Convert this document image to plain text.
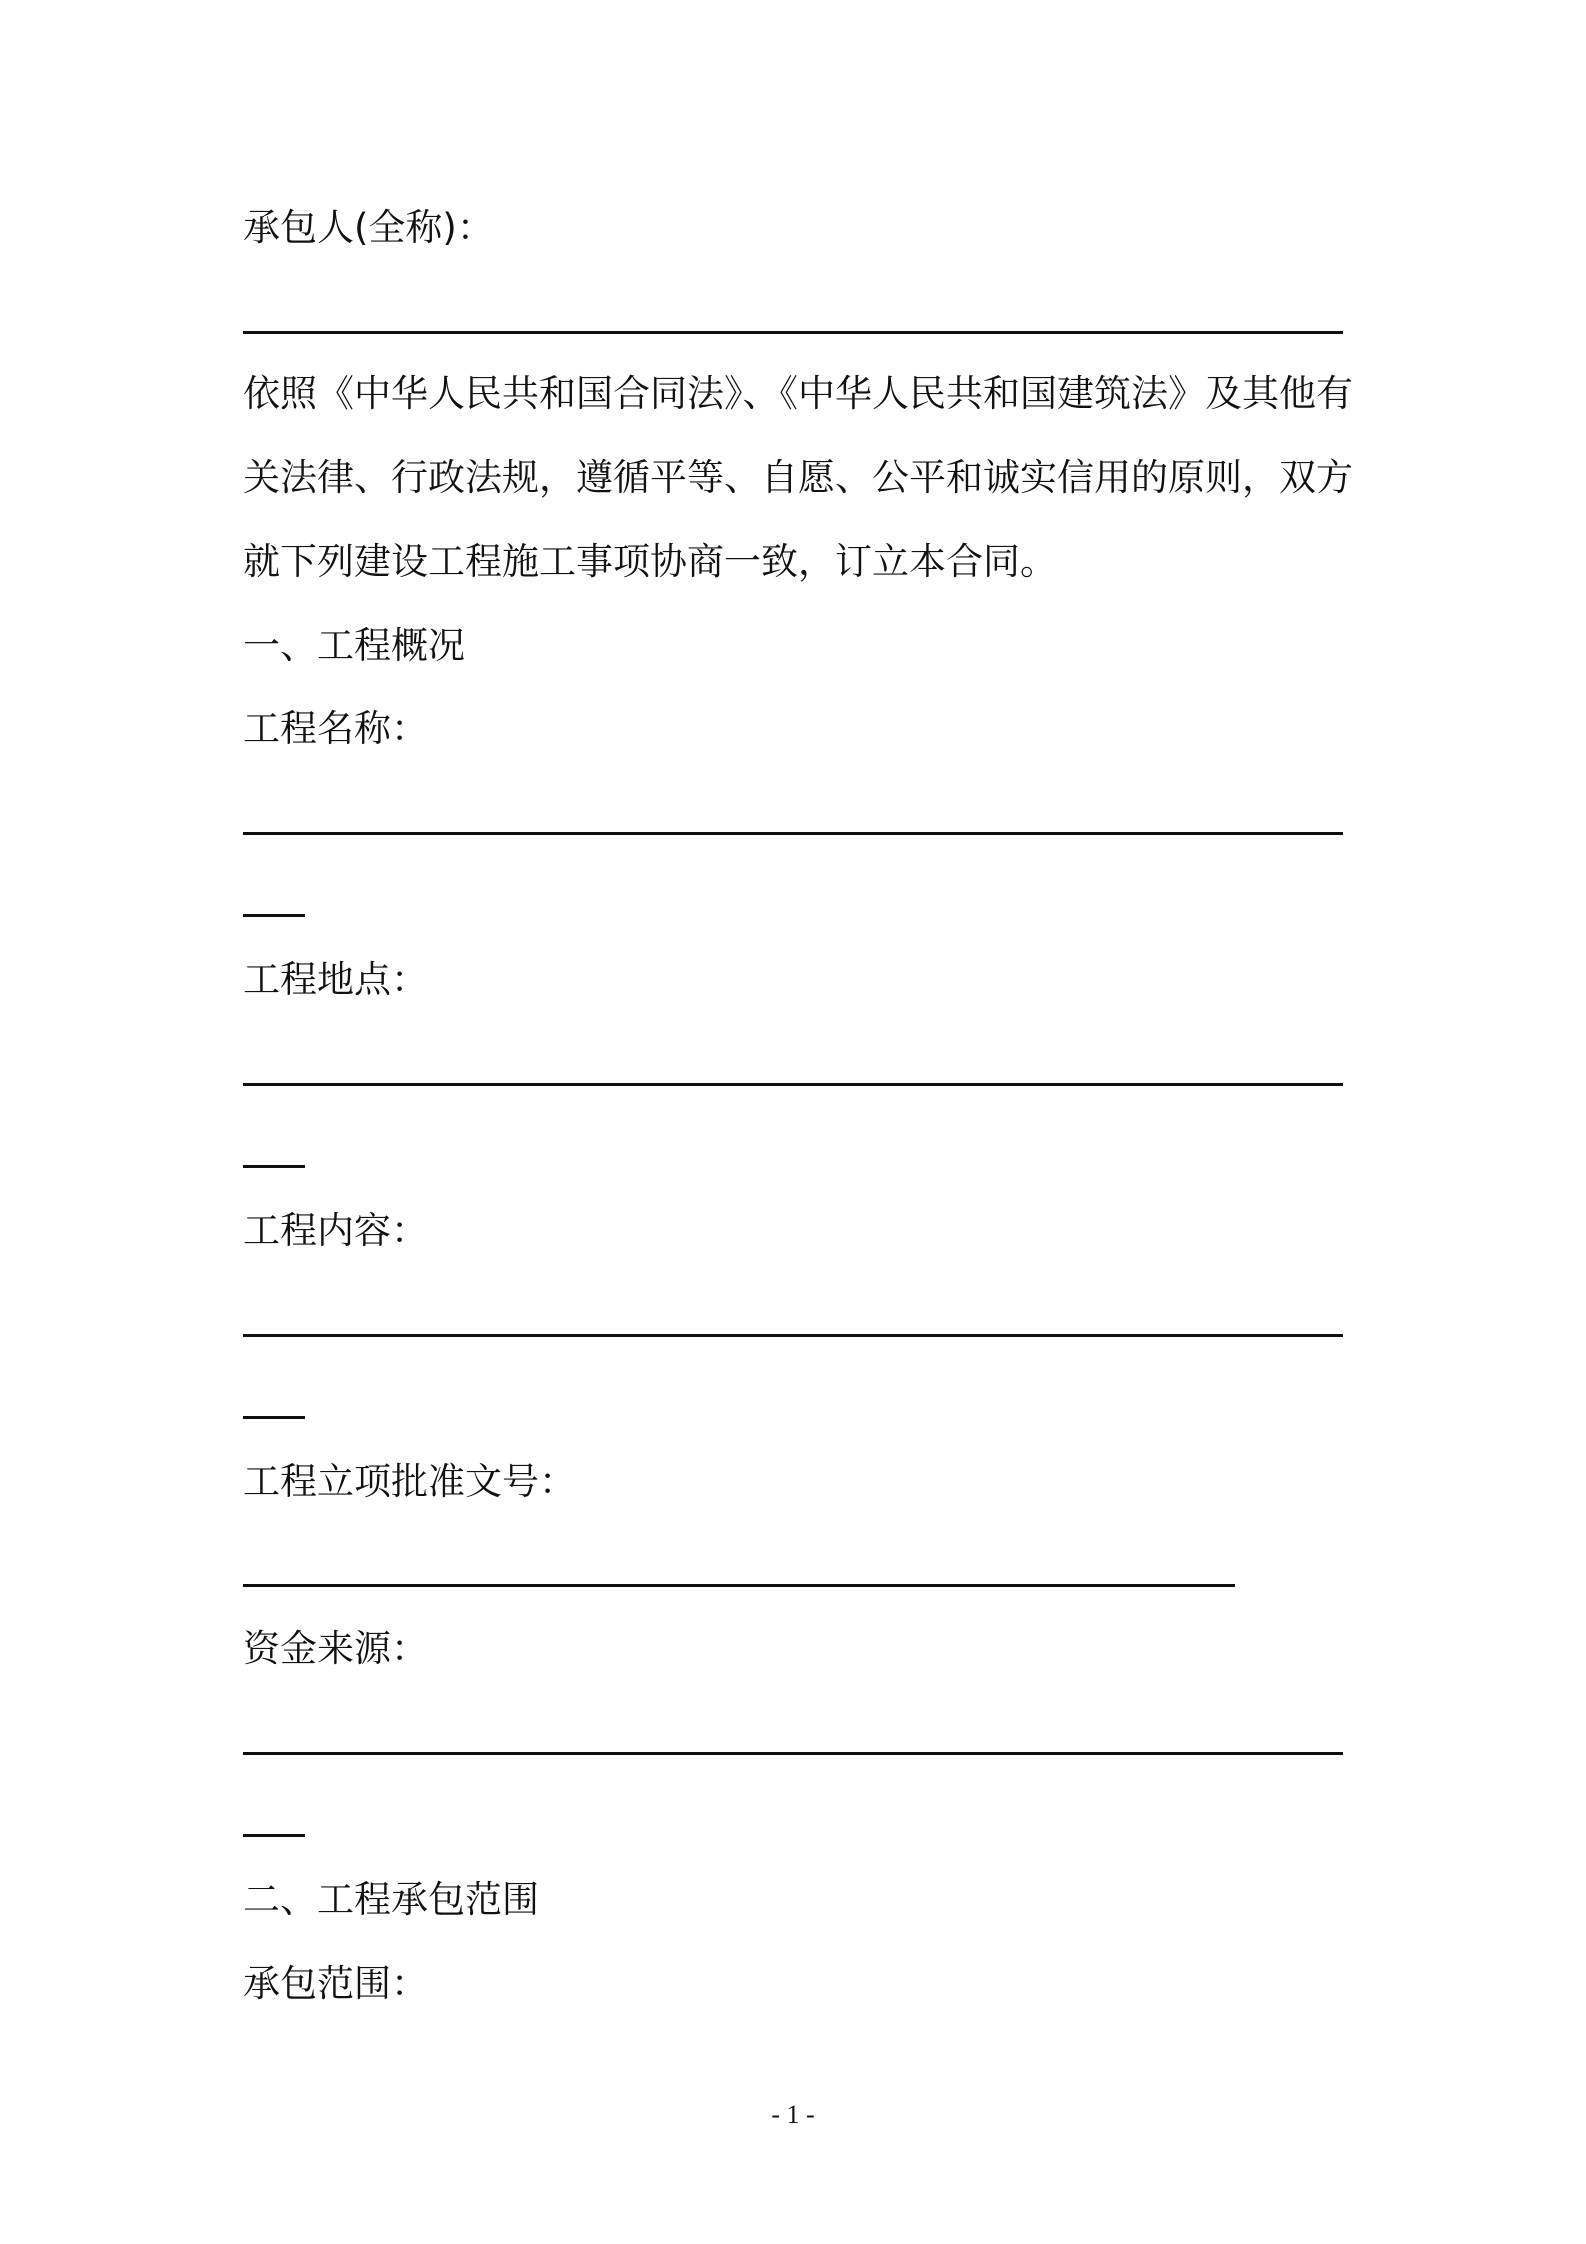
承包人(全称)：
依照《中华人民共和国合同法》、《中华人民共和国建筑法》及其他有
关法律、行政法规，遵循平等、自愿、公平和诚实信用的原则，双方
就下列建设工程施工事项协商一致，订立本合同。
一、工程概况
工程名称：
工程地点：
工程内容：
工程立项批准文号：
资金来源：
二、工程承包范围
承包范围：
- 1 -
